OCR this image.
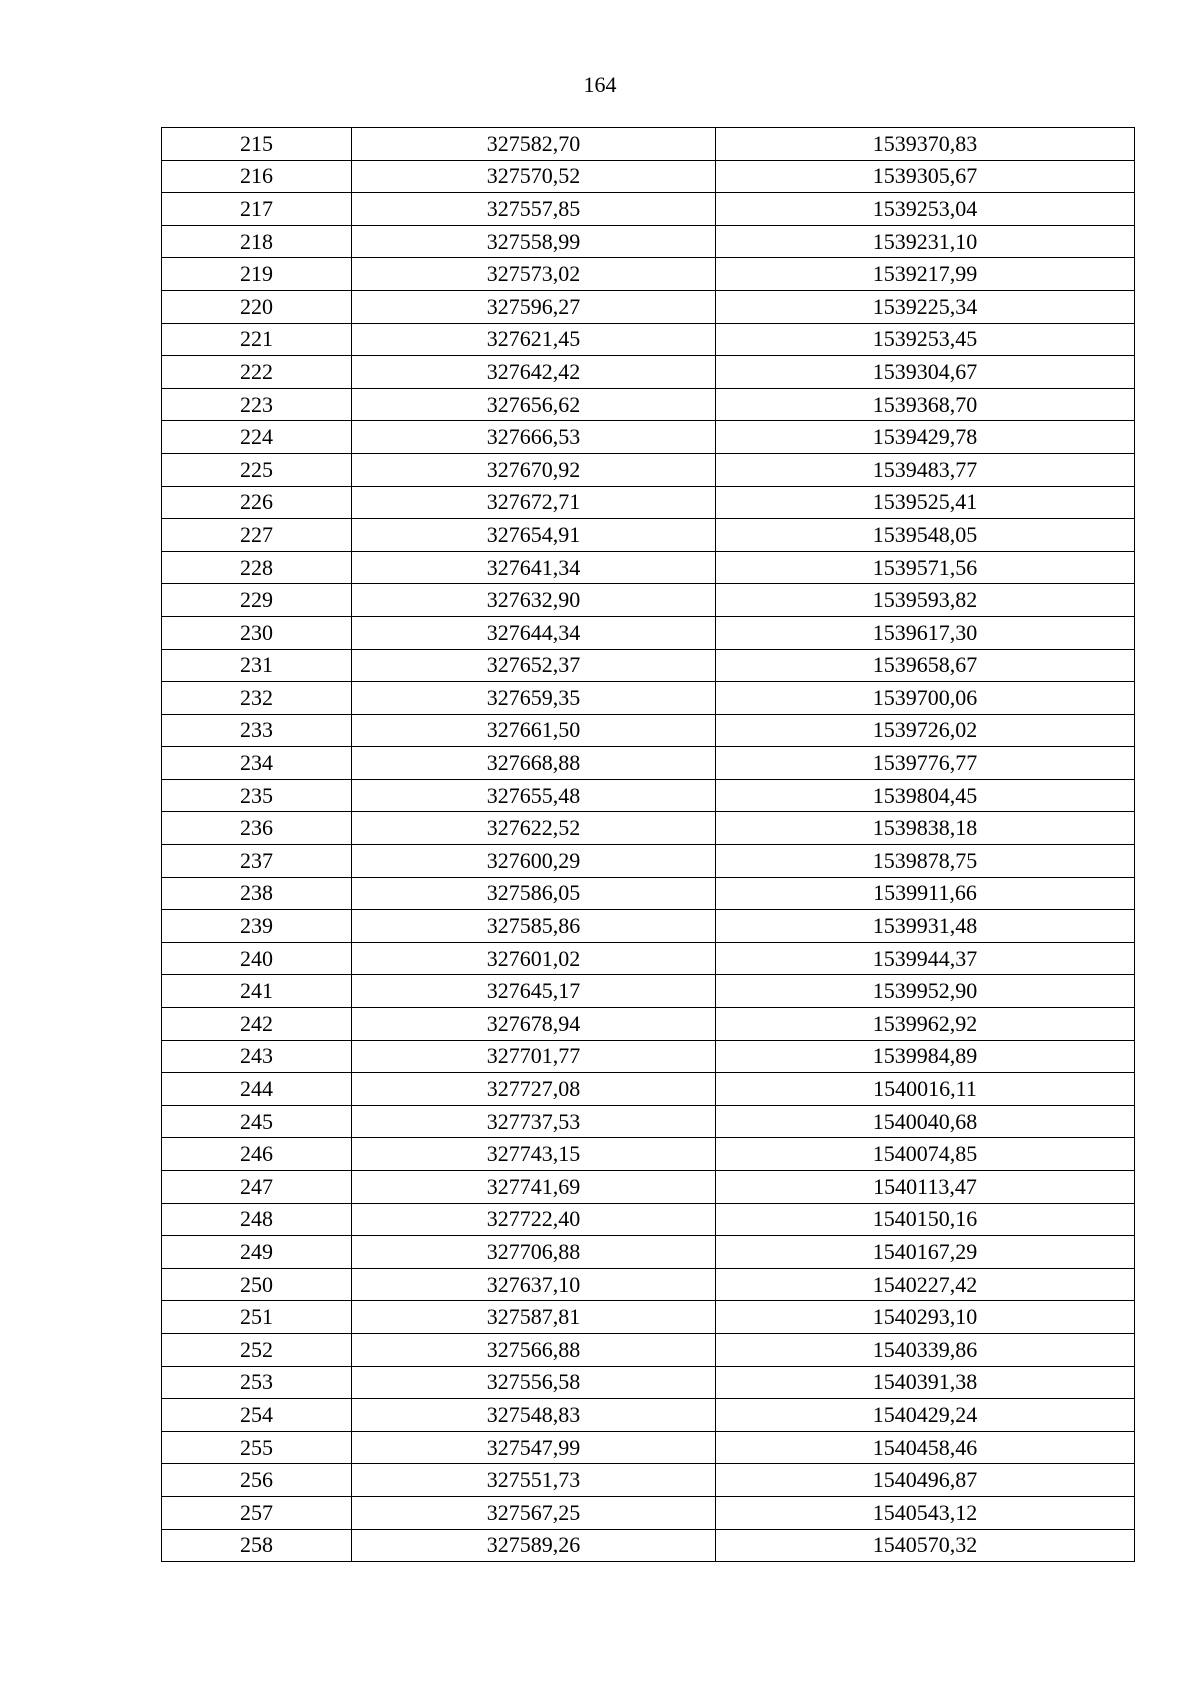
164
215	327582,70	1539370,83
216	327570,52	1539305,67
217	327557,85	1539253,04
218	327558,99	1539231,10
219	327573,02	1539217,99
220	327596,27	1539225,34
221	327621,45	1539253,45
222	327642,42	1539304,67
223	327656,62	1539368,70
224	327666,53	1539429,78
225	327670,92	1539483,77
226	327672,71	1539525,41
227	327654,91	1539548,05
228	327641,34	1539571,56
229	327632,90	1539593,82
230	327644,34	1539617,30
231	327652,37	1539658,67
232	327659,35	1539700,06
233	327661,50	1539726,02
234	327668,88	1539776,77
235	327655,48	1539804,45
236	327622,52	1539838,18
237	327600,29	1539878,75
238	327586,05	1539911,66
239	327585,86	1539931,48
240	327601,02	1539944,37
241	327645,17	1539952,90
242	327678,94	1539962,92
243	327701,77	1539984,89
244	327727,08	1540016,11
245	327737,53	1540040,68
246	327743,15	1540074,85
247	327741,69	1540113,47
248	327722,40	1540150,16
249	327706,88	1540167,29
250	327637,10	1540227,42
251	327587,81	1540293,10
252	327566,88	1540339,86
253	327556,58	1540391,38
254	327548,83	1540429,24
255	327547,99	1540458,46
256	327551,73	1540496,87
257	327567,25	1540543,12
258	327589,26	1540570,32
